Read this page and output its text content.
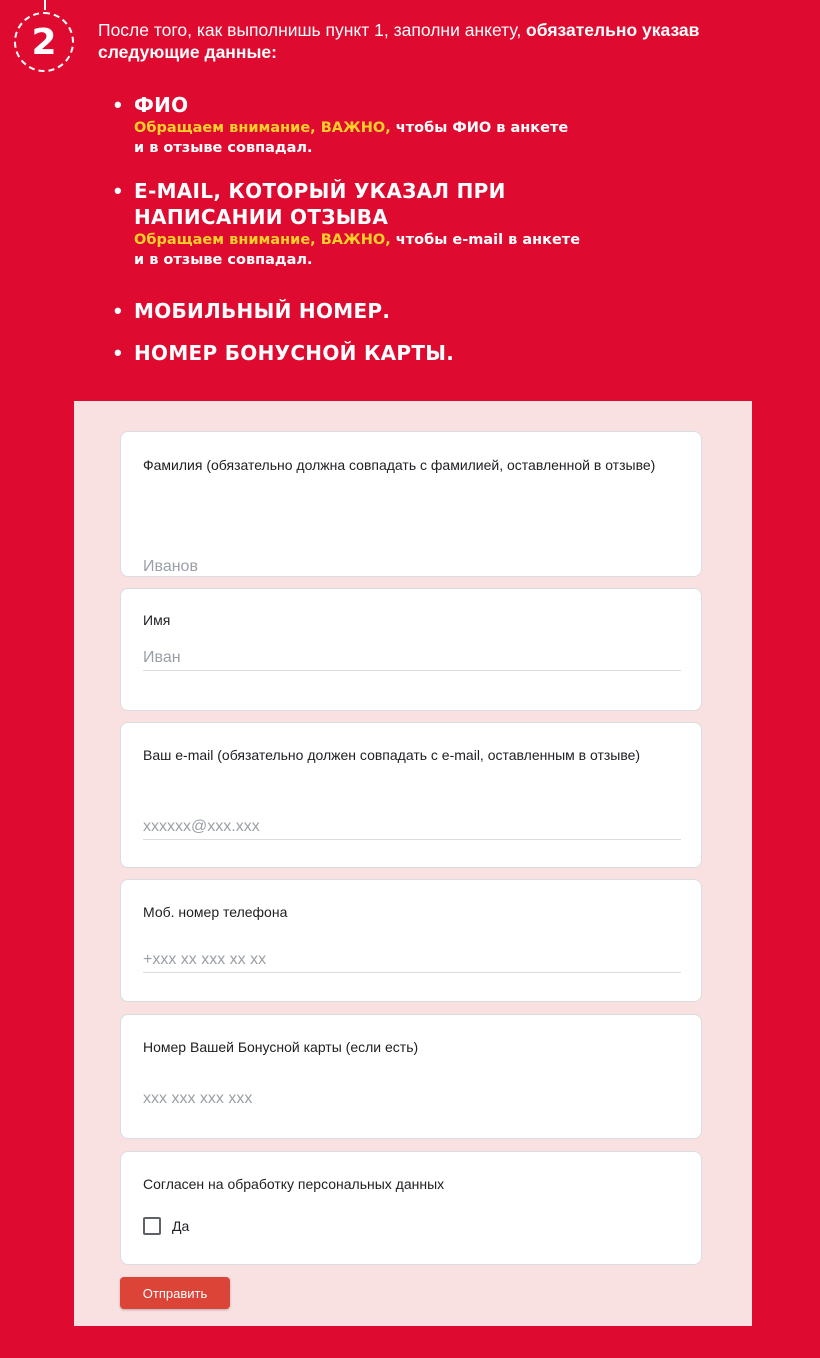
2	После того, как выполнишь пункт 1, заполни анкету, обязательно указав следующие данные:
• ФИО
Обращаем внимание, ВАЖНО, чтобы ФИО в анкете
и в отзыве совпадал.
• E-MAIL, КОТОРЫЙ УКАЗАЛ ПРИ
НАПИСАНИИ ОТЗЫВА
Обращаем внимание, ВАЖНО, чтобы e-mail в анкете
и в отзыве совпадал.
• МОБИЛЬНЫЙ НОМЕР.
• НОМЕР БОНУСНОЙ КАРТЫ.
Фамилия (обязательно должна совпадать с фамилией, оставленной в отзыве)
Иванов
Имя
Иван
Ваш e-mail (обязательно должен совпадать с e-mail, оставленным в отзыве)
xxxxxx@xxx.xxx
Моб. номер телефона
+xxx xx xxx xx xx
Номер Вашей Бонусной карты (если есть)
xxx xxx xxx xxx
Согласен на обработку персональных данных
Да
Отправить
